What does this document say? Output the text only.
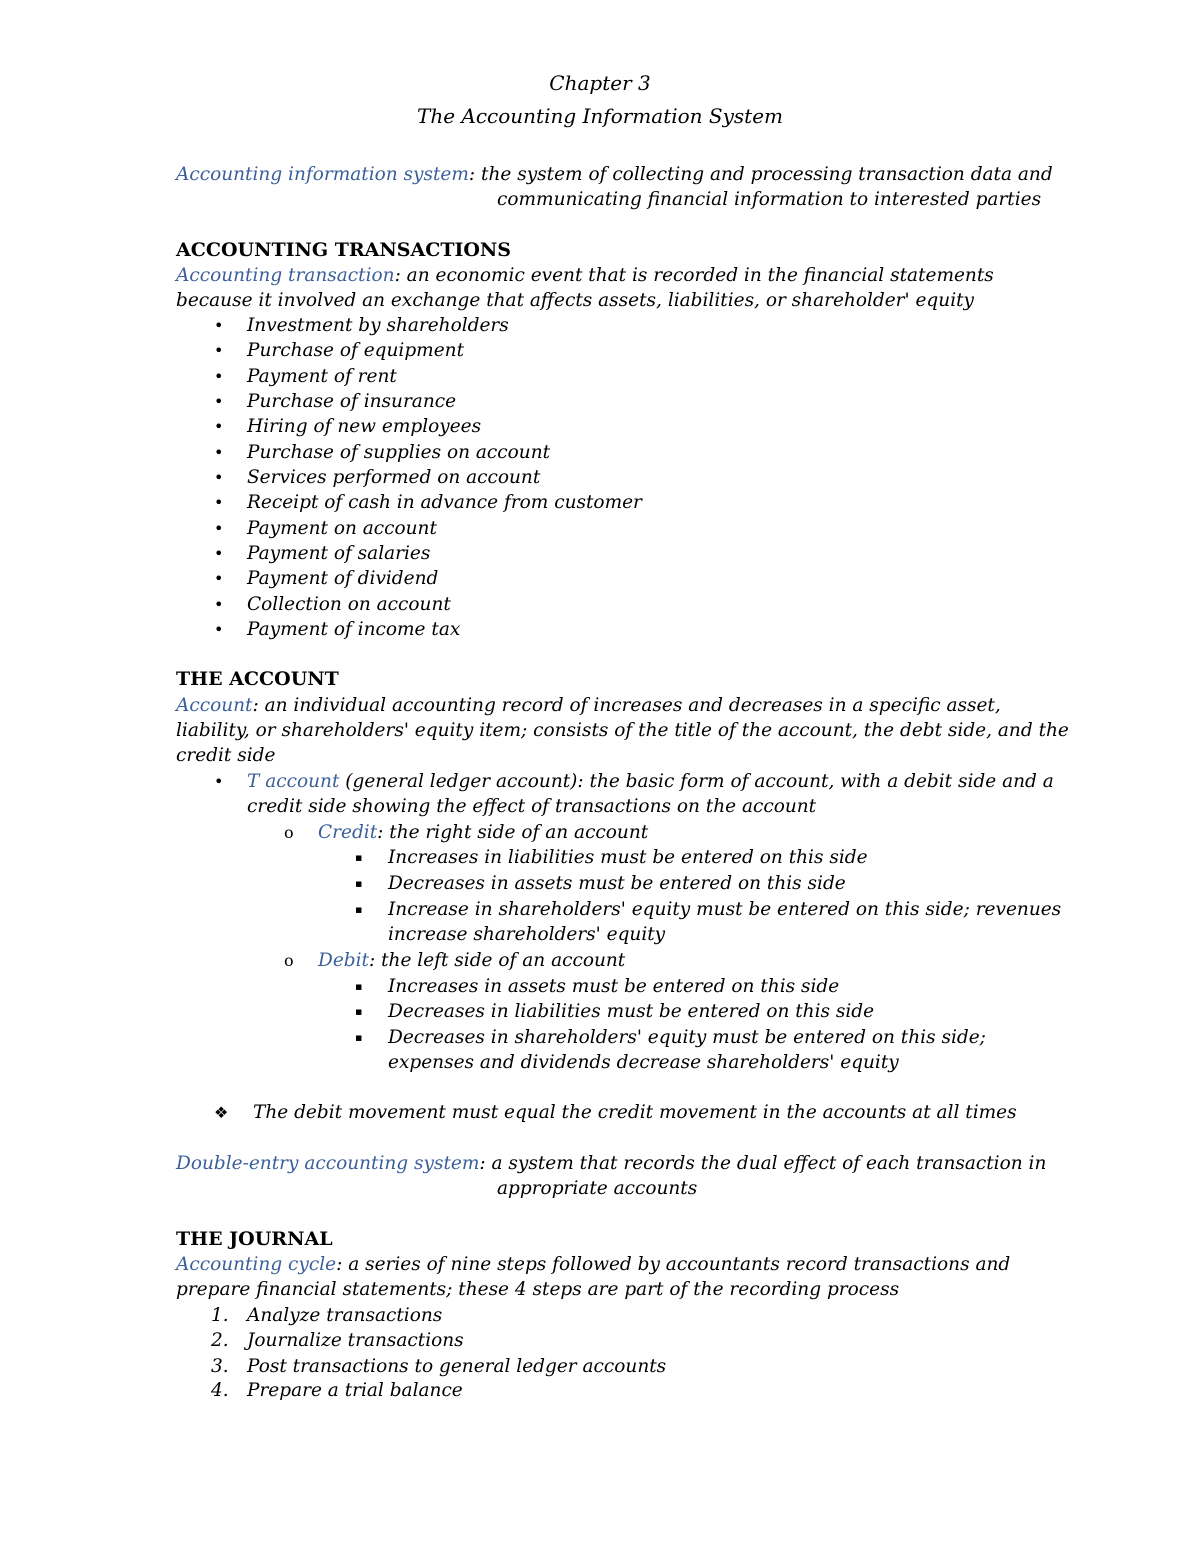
Chapter 3
The Accounting Information System
Accounting information system: the system of collecting and processing transaction data and
communicating financial information to interested parties
ACCOUNTING TRANSACTIONS
Accounting transaction: an economic event that is recorded in the financial statements
because it involved an exchange that affects assets, liabilities, or shareholder' equity
• Investment by shareholders
• Purchase of equipment
• Payment of rent
• Purchase of insurance
• Hiring of new employees
• Purchase of supplies on account
• Services performed on account
• Receipt of cash in advance from customer
• Payment on account
• Payment of salaries
• Payment of dividend
• Collection on account
• Payment of income tax
THE ACCOUNT
Account: an individual accounting record of increases and decreases in a specific asset,
liability, or shareholders' equity item; consists of the title of the account, the debt side, and the
credit side
• T account (general ledger account): the basic form of account, with a debit side and a
credit side showing the effect of transactions on the account
o Credit: the right side of an account
▪ Increases in liabilities must be entered on this side
▪ Decreases in assets must be entered on this side
▪ Increase in shareholders' equity must be entered on this side; revenues
increase shareholders' equity
o Debit: the left side of an account
▪ Increases in assets must be entered on this side
▪ Decreases in liabilities must be entered on this side
▪ Decreases in shareholders' equity must be entered on this side;
expenses and dividends decrease shareholders' equity
❖ The debit movement must equal the credit movement in the accounts at all times
Double-entry accounting system: a system that records the dual effect of each transaction in
appropriate accounts
THE JOURNAL
Accounting cycle: a series of nine steps followed by accountants record transactions and
prepare financial statements; these 4 steps are part of the recording process
1. Analyze transactions
2. Journalize transactions
3. Post transactions to general ledger accounts
4. Prepare a trial balance
